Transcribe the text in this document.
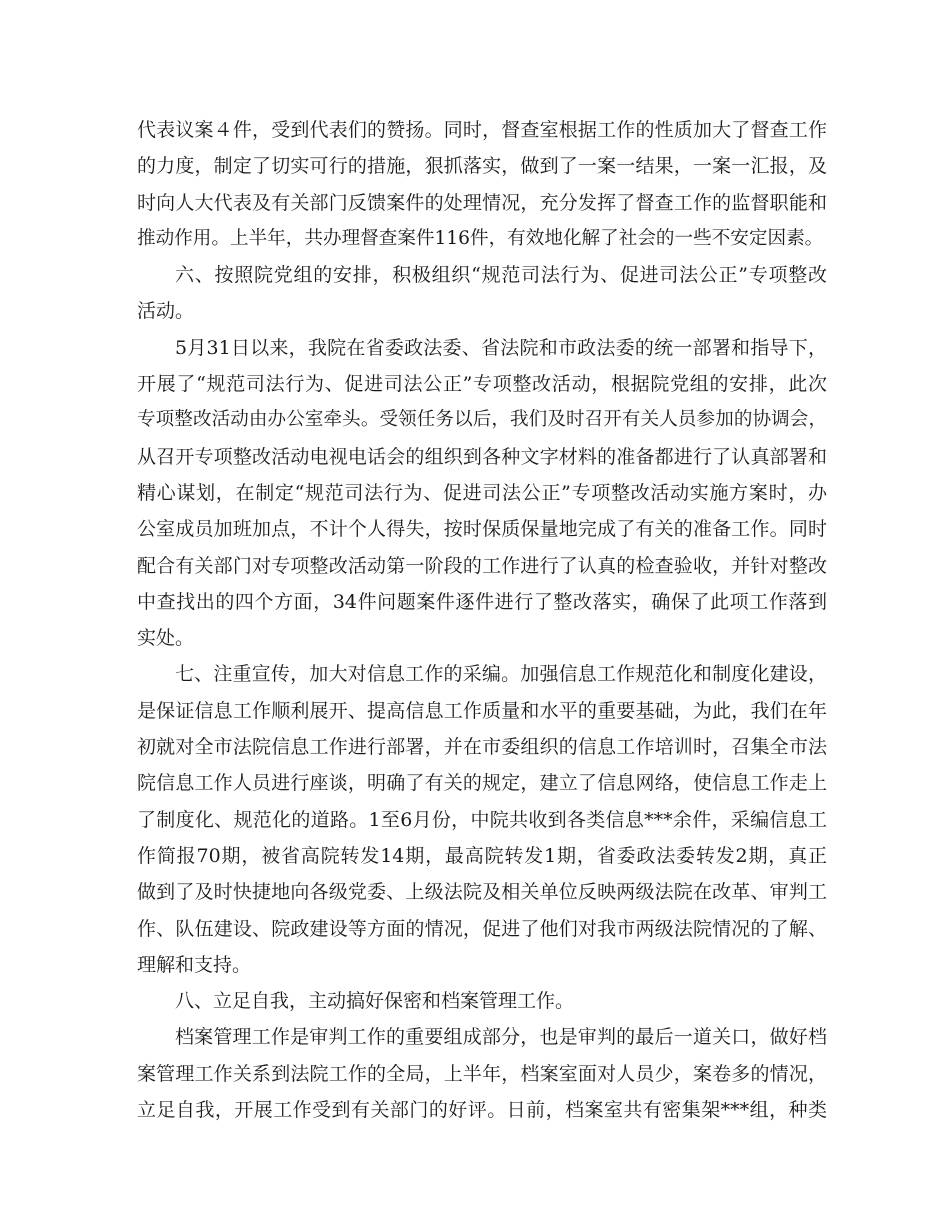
代表议案４件，受到代表们的赞扬。同时，督查室根据工作的性质加大了督查工作
的力度，制定了切实可行的措施，狠抓落实，做到了一案一结果，一案一汇报，及
时向人大代表及有关部门反馈案件的处理情况，充分发挥了督查工作的监督职能和
推动作用。上半年，共办理督查案件116件，有效地化解了社会的一些不安定因素。
六、按照院党组的安排，积极组织“规范司法行为、促进司法公正”专项整改
活动。
5月31日以来，我院在省委政法委、省法院和市政法委的统一部署和指导下，
开展了“规范司法行为、促进司法公正”专项整改活动，根据院党组的安排，此次
专项整改活动由办公室牵头。受领任务以后，我们及时召开有关人员参加的协调会，
从召开专项整改活动电视电话会的组织到各种文字材料的准备都进行了认真部署和
精心谋划，在制定“规范司法行为、促进司法公正”专项整改活动实施方案时，办
公室成员加班加点，不计个人得失，按时保质保量地完成了有关的准备工作。同时
配合有关部门对专项整改活动第一阶段的工作进行了认真的检查验收，并针对整改
中查找出的四个方面，34件问题案件逐件进行了整改落实，确保了此项工作落到
实处。
七、注重宣传，加大对信息工作的采编。加强信息工作规范化和制度化建设，
是保证信息工作顺利展开、提高信息工作质量和水平的重要基础，为此，我们在年
初就对全市法院信息工作进行部署，并在市委组织的信息工作培训时，召集全市法
院信息工作人员进行座谈，明确了有关的规定，建立了信息网络，使信息工作走上
了制度化、规范化的道路。1至6月份，中院共收到各类信息***余件，采编信息工
作简报70期，被省高院转发14期，最高院转发1期，省委政法委转发2期，真正
做到了及时快捷地向各级党委、上级法院及相关单位反映两级法院在改革、审判工
作、队伍建设、院政建设等方面的情况，促进了他们对我市两级法院情况的了解、
理解和支持。
八、立足自我，主动搞好保密和档案管理工作。
档案管理工作是审判工作的重要组成部分，也是审判的最后一道关口，做好档
案管理工作关系到法院工作的全局，上半年，档案室面对人员少，案卷多的情况，
立足自我，开展工作受到有关部门的好评。日前，档案室共有密集架***组，种类
